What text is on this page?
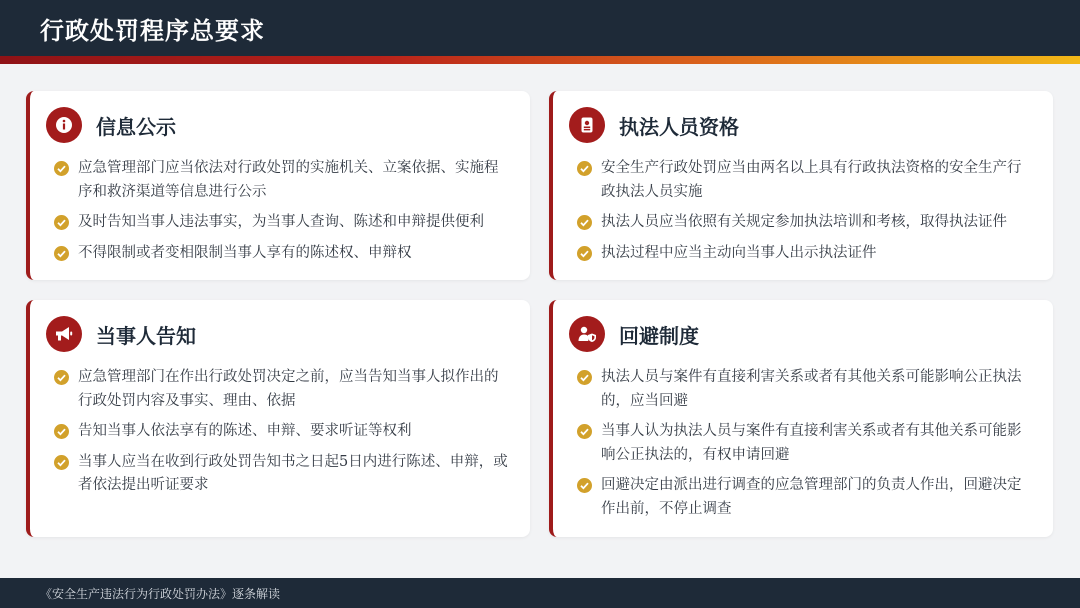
行政处罚程序总要求
信息公示
应急管理部门应当依法对行政处罚的实施机关、立案依据、实施程序和救济渠道等信息进行公示
及时告知当事人违法事实，为当事人查询、陈述和申辩提供便利
不得限制或者变相限制当事人享有的陈述权、申辩权
执法人员资格
安全生产行政处罚应当由两名以上具有行政执法资格的安全生产行政执法人员实施
执法人员应当依照有关规定参加执法培训和考核，取得执法证件
执法过程中应当主动向当事人出示执法证件
当事人告知
应急管理部门在作出行政处罚决定之前，应当告知当事人拟作出的行政处罚内容及事实、理由、依据
告知当事人依法享有的陈述、申辩、要求听证等权利
当事人应当在收到行政处罚告知书之日起5日内进行陈述、申辩，或者依法提出听证要求
回避制度
执法人员与案件有直接利害关系或者有其他关系可能影响公正执法的，应当回避
当事人认为执法人员与案件有直接利害关系或者有其他关系可能影响公正执法的，有权申请回避
回避决定由派出进行调查的应急管理部门的负责人作出，回避决定作出前，不停止调查
《安全生产违法行为行政处罚办法》逐条解读
